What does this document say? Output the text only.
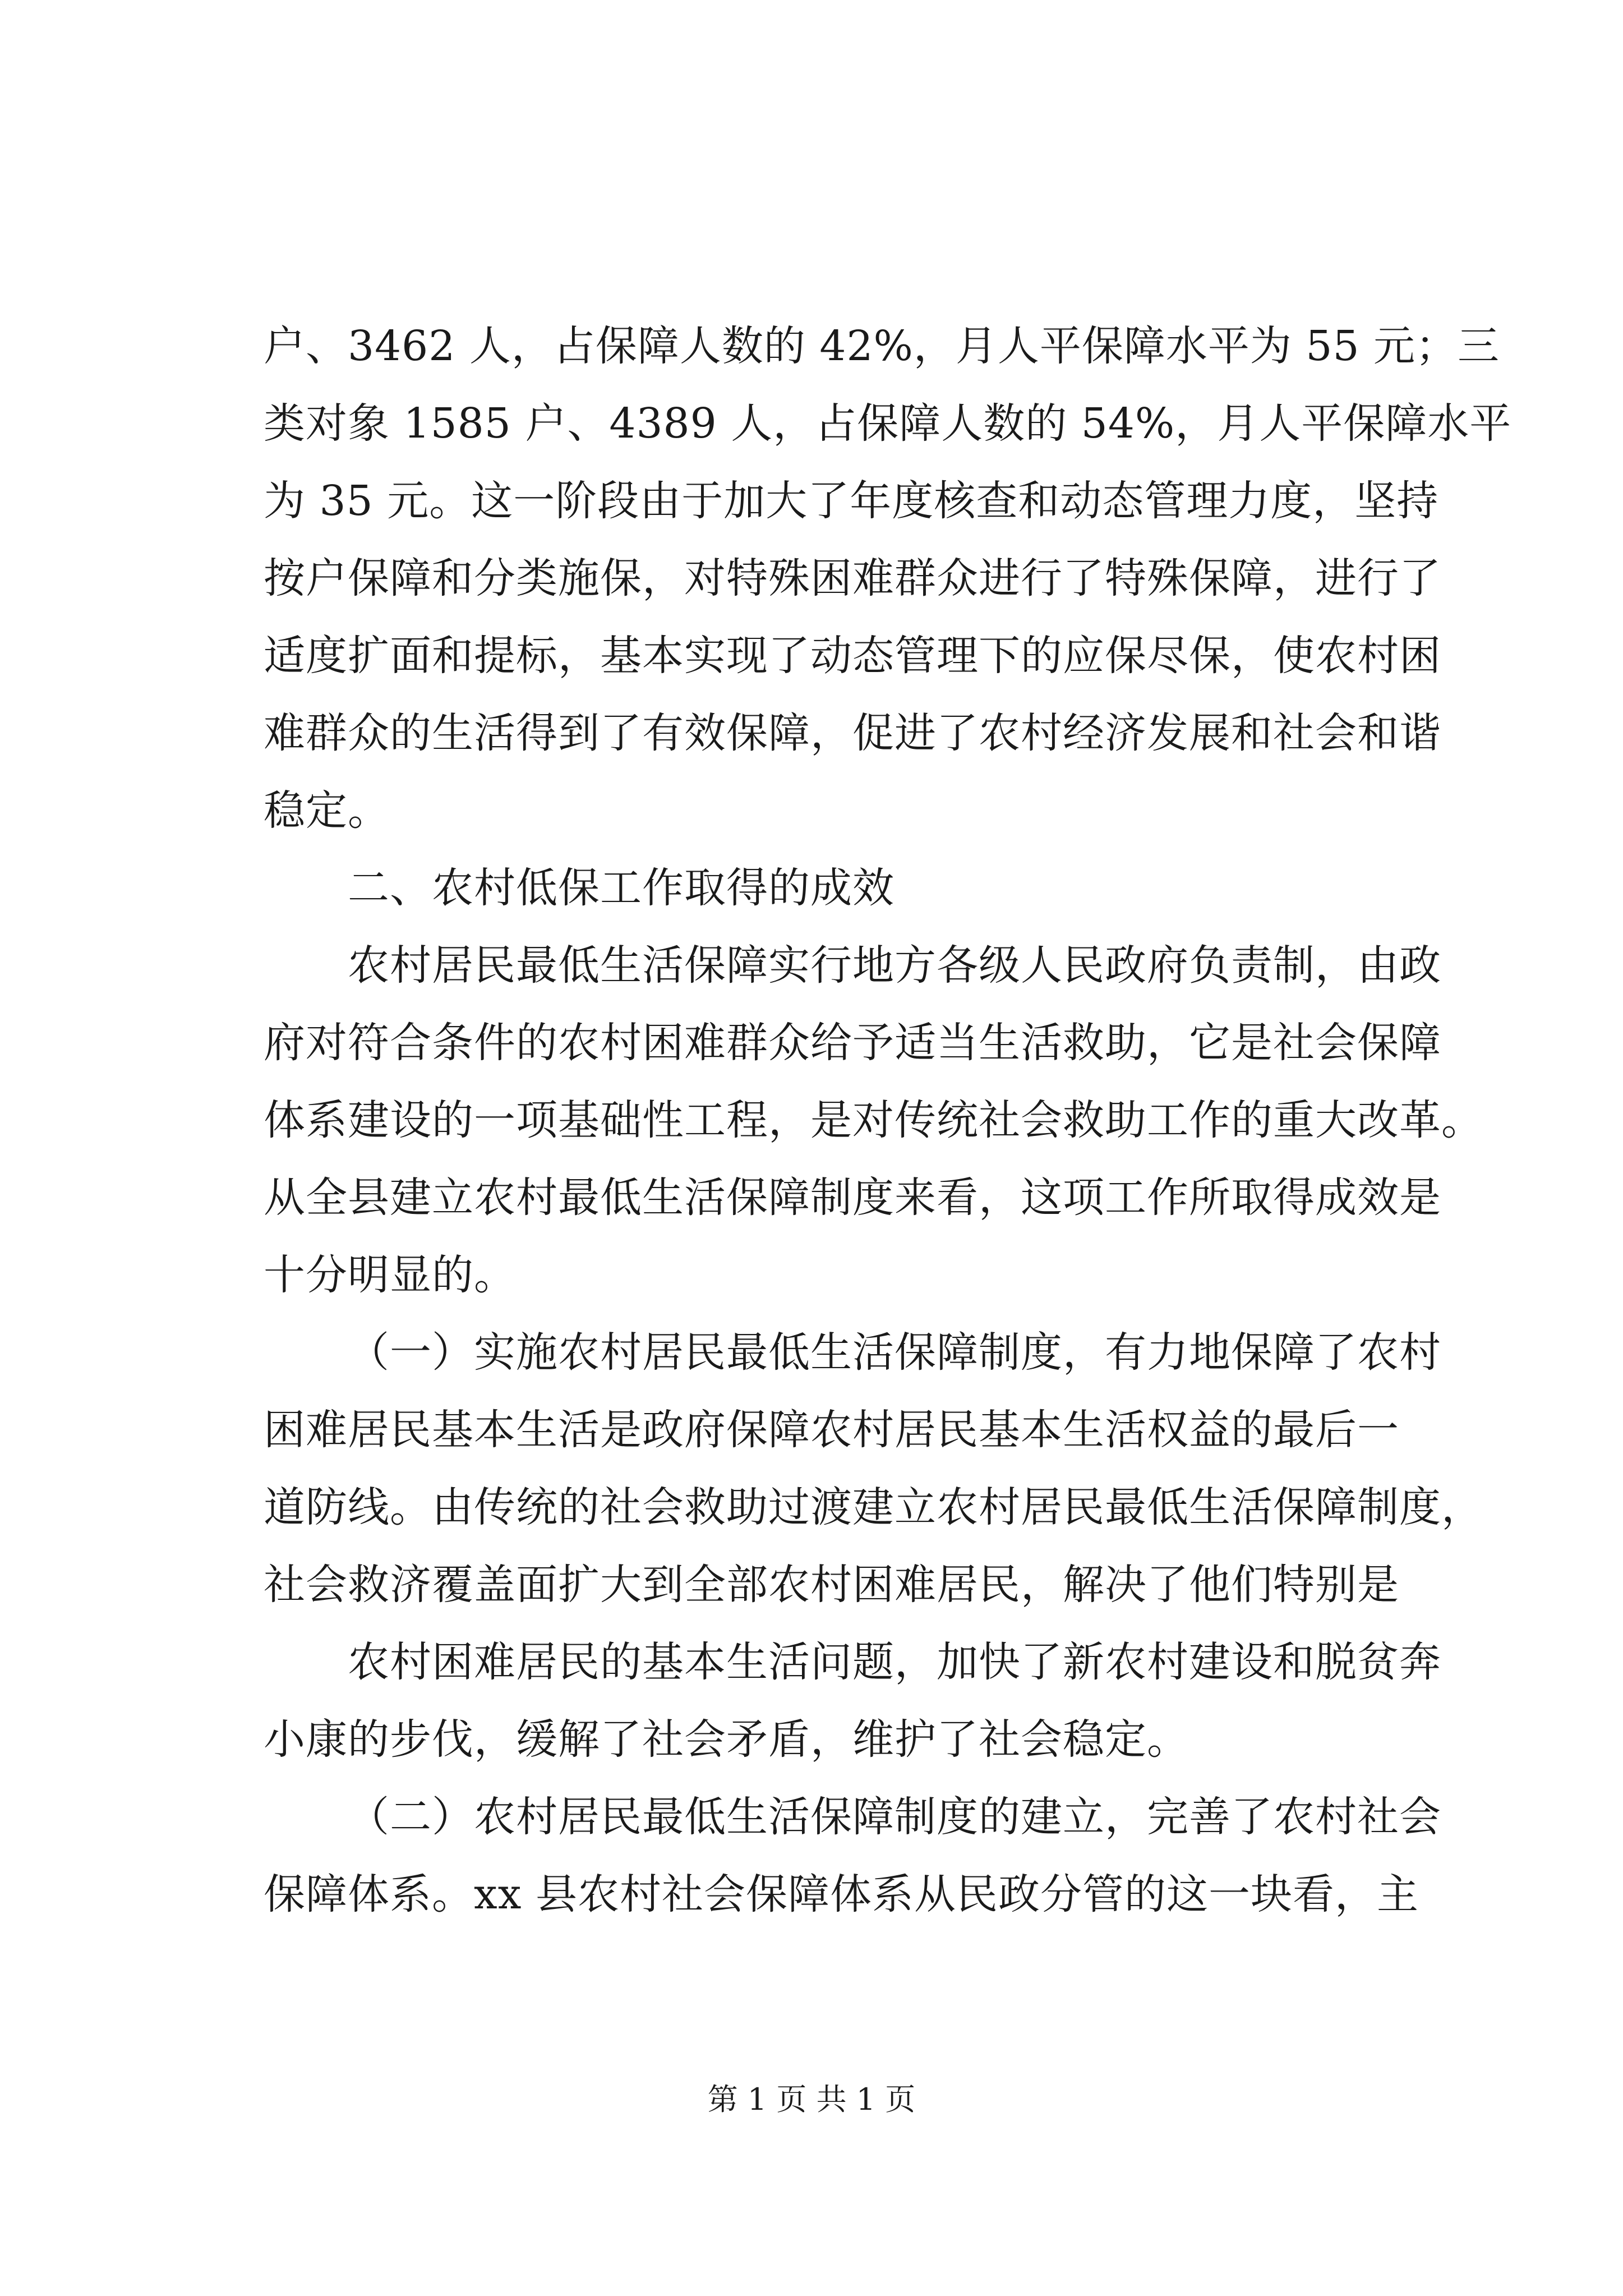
户、3462 人，占保障人数的 42%，月人平保障水平为 55 元；三
类对象 1585 户、4389 人，占保障人数的 54%，月人平保障水平
为 35 元。这一阶段由于加大了年度核查和动态管理力度，坚持
按户保障和分类施保，对特殊困难群众进行了特殊保障，进行了
适度扩面和提标，基本实现了动态管理下的应保尽保，使农村困
难群众的生活得到了有效保障，促进了农村经济发展和社会和谐
稳定。
二、农村低保工作取得的成效
农村居民最低生活保障实行地方各级人民政府负责制，由政
府对符合条件的农村困难群众给予适当生活救助，它是社会保障
体系建设的一项基础性工程，是对传统社会救助工作的重大改革。
从全县建立农村最低生活保障制度来看，这项工作所取得成效是
十分明显的。
（一）实施农村居民最低生活保障制度，有力地保障了农村
困难居民基本生活是政府保障农村居民基本生活权益的最后一
道防线。由传统的社会救助过渡建立农村居民最低生活保障制度，
社会救济覆盖面扩大到全部农村困难居民，解决了他们特别是
农村困难居民的基本生活问题，加快了新农村建设和脱贫奔
小康的步伐，缓解了社会矛盾，维护了社会稳定。
（二）农村居民最低生活保障制度的建立，完善了农村社会
保障体系。xx 县农村社会保障体系从民政分管的这一块看，主
第 1 页 共 1 页
